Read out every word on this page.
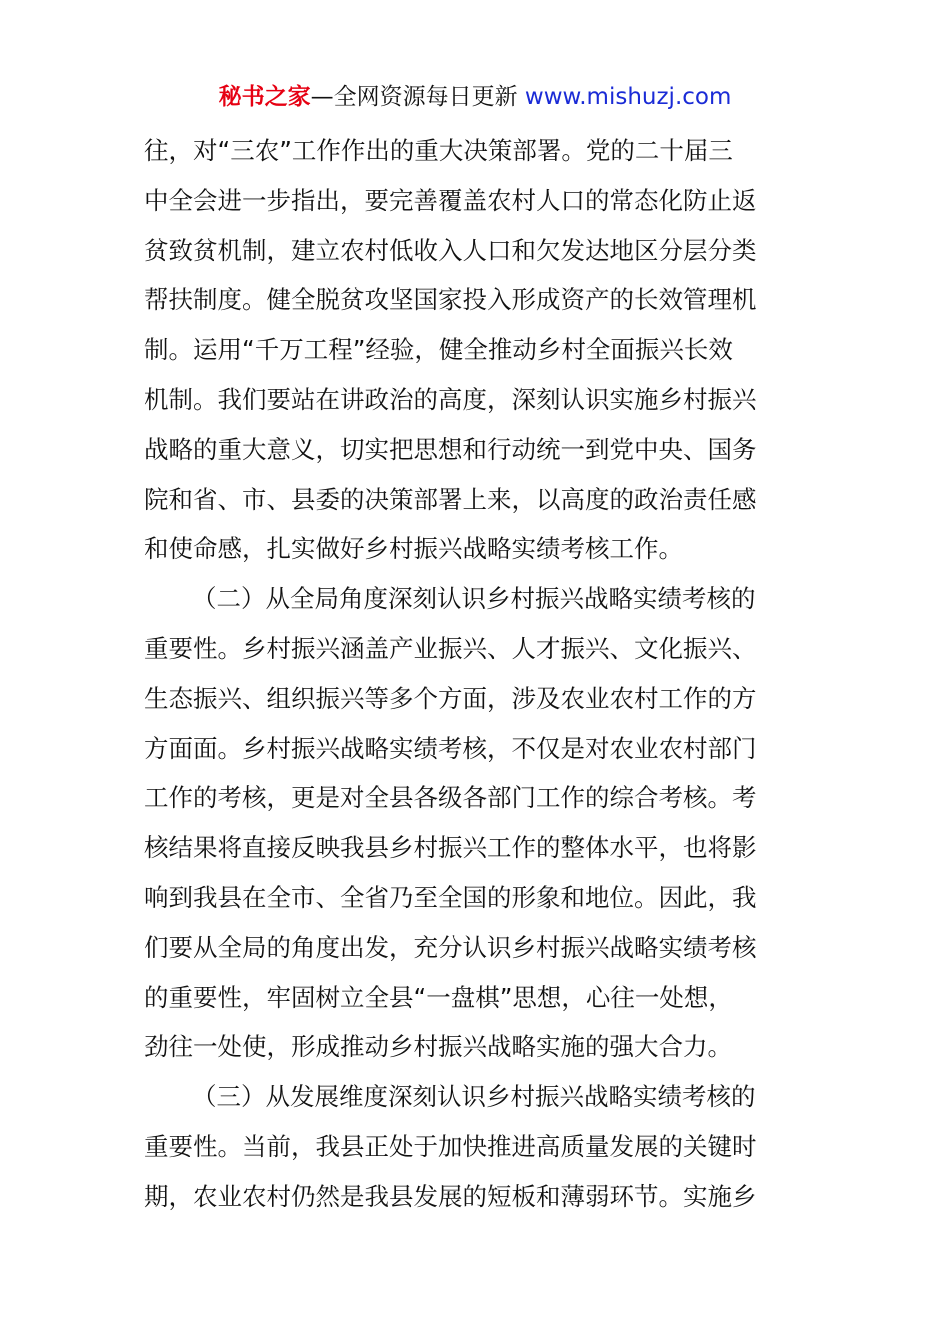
秘书之家—全网资源每日更新 www.mishuzj.com
往，对“三农”工作作出的重大决策部署。党的二十届三
中全会进一步指出，要完善覆盖农村人口的常态化防止返
贫致贫机制，建立农村低收入人口和欠发达地区分层分类
帮扶制度。健全脱贫攻坚国家投入形成资产的长效管理机
制。运用“千万工程”经验，健全推动乡村全面振兴长效
机制。我们要站在讲政治的高度，深刻认识实施乡村振兴
战略的重大意义，切实把思想和行动统一到党中央、国务
院和省、市、县委的决策部署上来，以高度的政治责任感
和使命感，扎实做好乡村振兴战略实绩考核工作。
（二）从全局角度深刻认识乡村振兴战略实绩考核的
重要性。乡村振兴涵盖产业振兴、人才振兴、文化振兴、
生态振兴、组织振兴等多个方面，涉及农业农村工作的方
方面面。乡村振兴战略实绩考核，不仅是对农业农村部门
工作的考核，更是对全县各级各部门工作的综合考核。考
核结果将直接反映我县乡村振兴工作的整体水平，也将影
响到我县在全市、全省乃至全国的形象和地位。因此，我
们要从全局的角度出发，充分认识乡村振兴战略实绩考核
的重要性，牢固树立全县“一盘棋”思想，心往一处想，
劲往一处使，形成推动乡村振兴战略实施的强大合力。
（三）从发展维度深刻认识乡村振兴战略实绩考核的
重要性。当前，我县正处于加快推进高质量发展的关键时
期，农业农村仍然是我县发展的短板和薄弱环节。实施乡
